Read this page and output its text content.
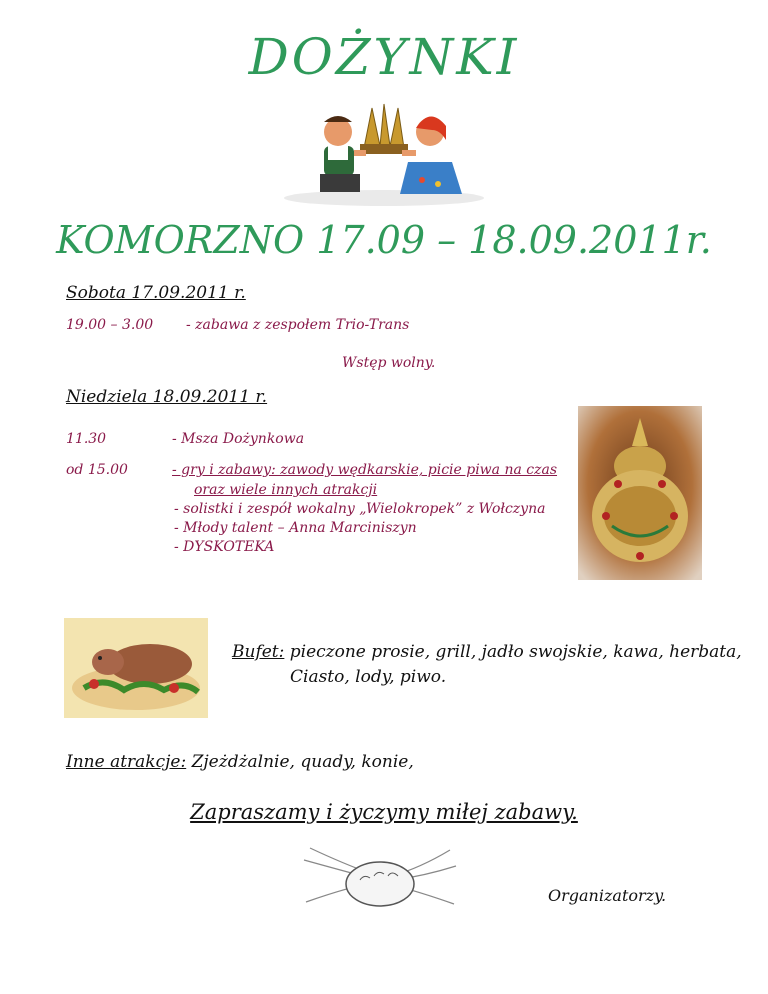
DOŻYNKI
KOMORZNO 17.09 – 18.09.2011r.
Sobota 17.09.2011 r.
19.00 – 3.00 - zabawa z zespołem Trio-Trans
Wstęp wolny.
Niedziela 18.09.2011 r.
11.30	- Msza Dożynkowa
od 15.00	- gry i zabawy: zawody wędkarskie, picie piwa na czas
oraz wiele innych atrakcji
- solistki i zespół wokalny „Wielokropek” z Wołczyna
- Młody talent – Anna Marciniszyn
- DYSKOTEKA
Bufet: pieczone prosie, grill, jadło swojskie, kawa, herbata,
Ciasto, lody, piwo.
Inne atrakcje: Zjeżdżalnie, quady, konie,
Zapraszamy i życzymy miłej zabawy.
Organizatorzy.
